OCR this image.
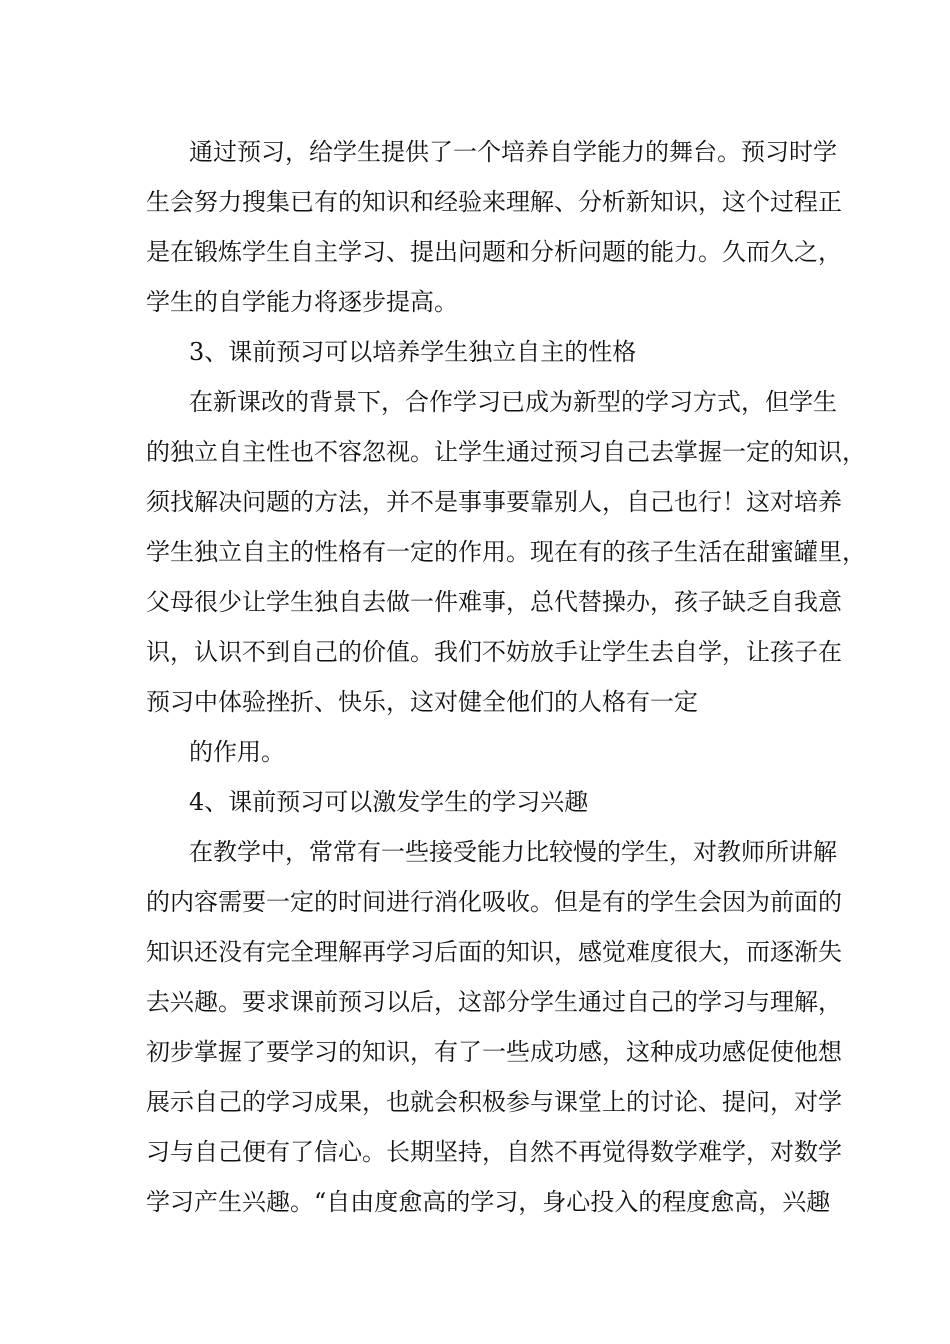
通过预习，给学生提供了一个培养自学能力的舞台。预习时学
生会努力搜集已有的知识和经验来理解、分析新知识，这个过程正
是在锻炼学生自主学习、提出问题和分析问题的能力。久而久之，
学生的自学能力将逐步提高。
3、课前预习可以培养学生独立自主的性格
在新课改的背景下，合作学习已成为新型的学习方式，但学生
的独立自主性也不容忽视。让学生通过预习自己去掌握一定的知识，
须找解决问题的方法，并不是事事要靠别人，自己也行！这对培养
学生独立自主的性格有一定的作用。现在有的孩子生活在甜蜜罐里，
父母很少让学生独自去做一件难事，总代替操办，孩子缺乏自我意
识，认识不到自己的价值。我们不妨放手让学生去自学，让孩子在
预习中体验挫折、快乐，这对健全他们的人格有一定
的作用。
4、课前预习可以激发学生的学习兴趣
在教学中，常常有一些接受能力比较慢的学生，对教师所讲解
的内容需要一定的时间进行消化吸收。但是有的学生会因为前面的
知识还没有完全理解再学习后面的知识，感觉难度很大，而逐渐失
去兴趣。要求课前预习以后，这部分学生通过自己的学习与理解，
初步掌握了要学习的知识，有了一些成功感，这种成功感促使他想
展示自己的学习成果，也就会积极参与课堂上的讨论、提问，对学
习与自己便有了信心。长期坚持，自然不再觉得数学难学，对数学
学习产生兴趣。“自由度愈高的学习，身心投入的程度愈高，兴趣
